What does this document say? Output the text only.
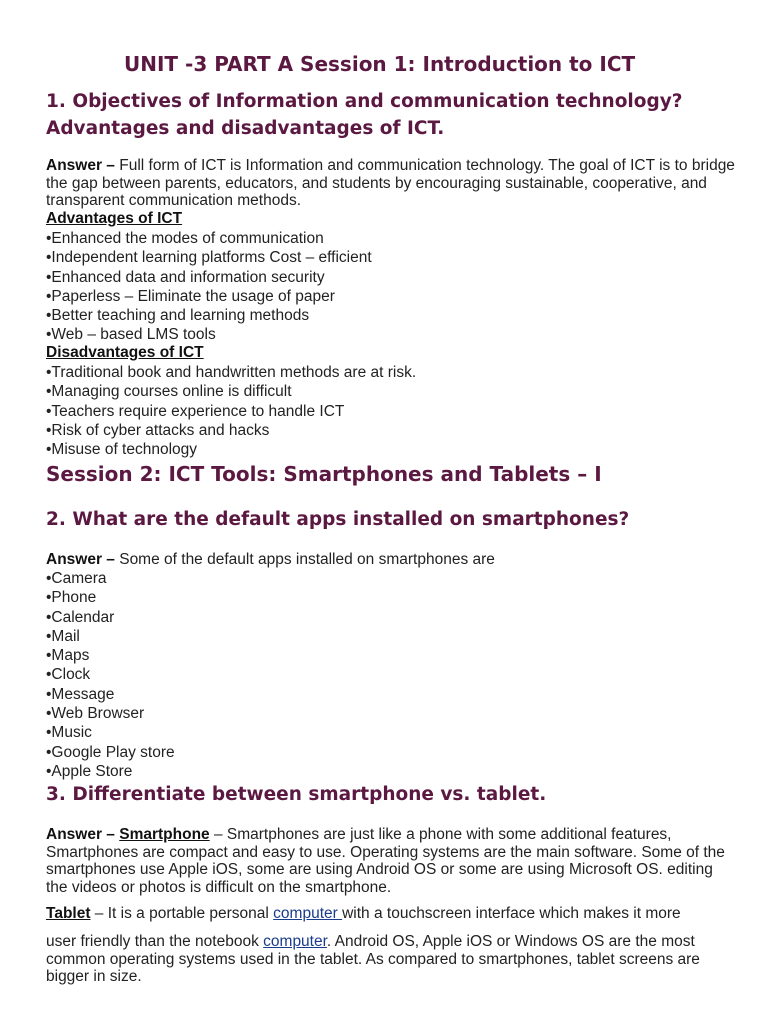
UNIT -3 PART A Session 1: Introduction to ICT
1. Objectives of Information and communication technology? Advantages and disadvantages of ICT.

Answer – Full form of ICT is Information and communication technology. The goal of ICT is to bridge the gap between parents, educators, and students by encouraging sustainable, cooperative, and transparent communication methods.

Advantages of ICT
•Enhanced the modes of communication
•Independent learning platforms Cost – efficient
•Enhanced data and information security
•Paperless – Eliminate the usage of paper
•Better teaching and learning methods
•Web – based LMS tools
Disadvantages of ICT
•Traditional book and handwritten methods are at risk.
•Managing courses online is difficult
•Teachers require experience to handle ICT
•Risk of cyber attacks and hacks
•Misuse of technology
Session 2: ICT Tools: Smartphones and Tablets – I
2. What are the default apps installed on smartphones?

Answer – Some of the default apps installed on smartphones are

•Camera
•Phone
•Calendar
•Mail
•Maps
•Clock
•Message
•Web Browser
•Music
•Google Play store
•Apple Store
3. Differentiate between smartphone vs. tablet.

Answer – Smartphone – Smartphones are just like a phone with some additional features, Smartphones are compact and easy to use. Operating systems are the main software. Some of the smartphones use Apple iOS, some are using Android OS or some are using Microsoft OS. editing the videos or photos is difficult on the smartphone.

Tablet – It is a portable personal computer with a touchscreen interface which makes it more

user friendly than the notebook computer. Android OS, Apple iOS or Windows OS are the most common operating systems used in the tablet. As compared to smartphones, tablet screens are bigger in size.
